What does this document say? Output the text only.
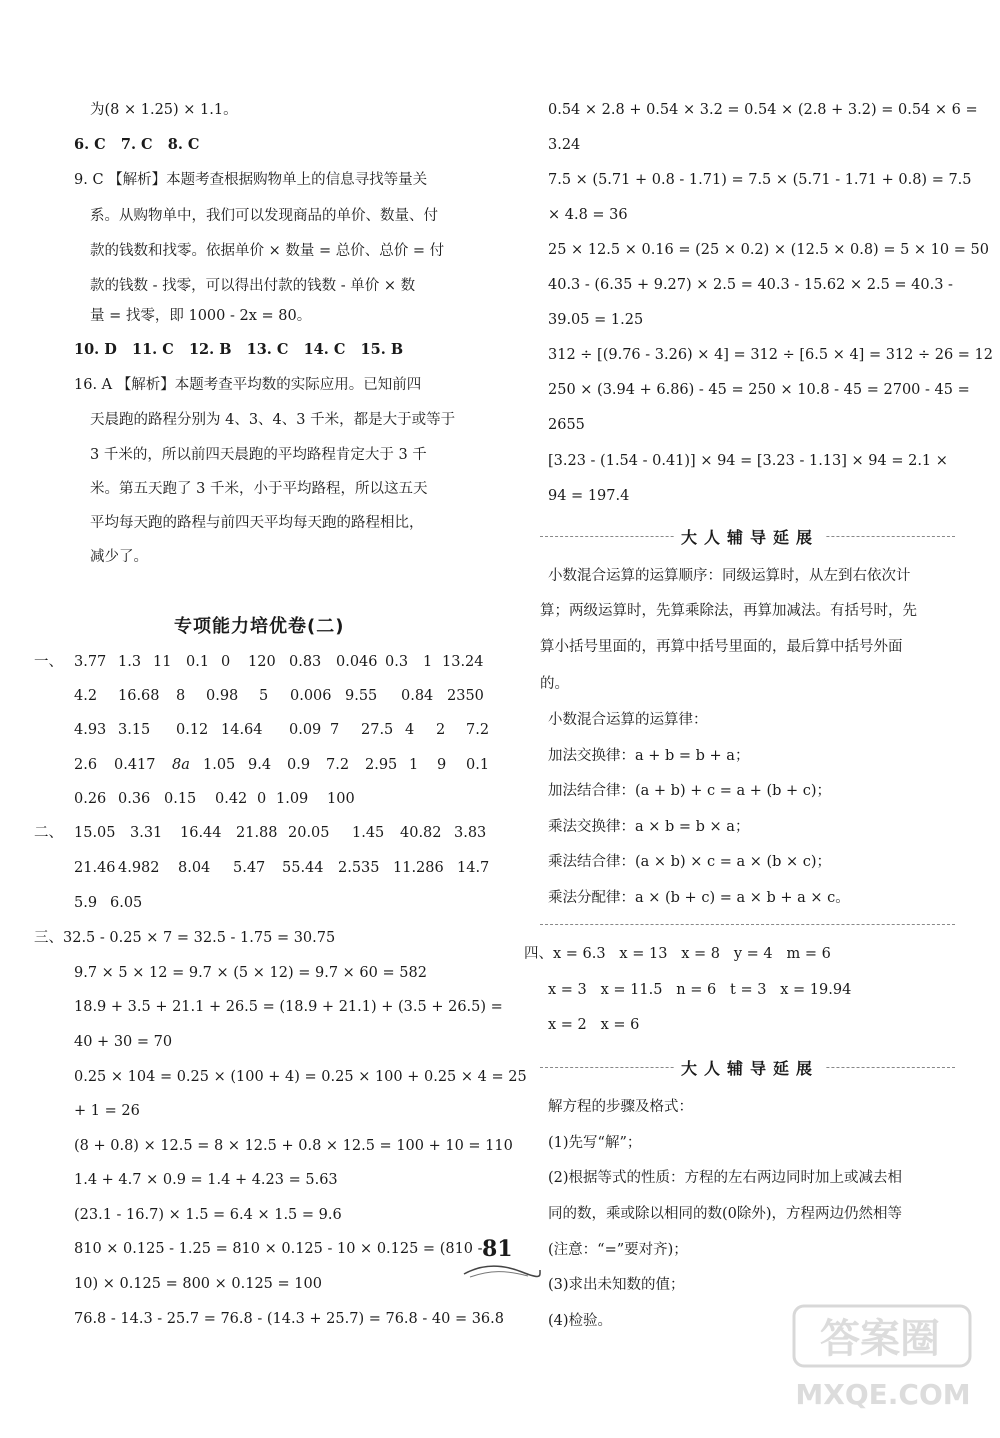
为(8 × 1.25) × 1.1。
6. C   7. C   8. C
9. C 【解析】本题考查根据购物单上的信息寻找等量关
系。从购物单中，我们可以发现商品的单价、数量、付
款的钱数和找零。依据单价 × 数量 = 总价、总价 = 付
款的钱数 - 找零，可以得出付款的钱数 - 单价 × 数
量 = 找零，即 1000 - 2x = 80。
10. D   11. C   12. B   13. C   14. C   15. B
16. A 【解析】本题考查平均数的实际应用。已知前四
天晨跑的路程分别为 4、3、4、3 千米，都是大于或等于
3 千米的，所以前四天晨跑的平均路程肯定大于 3 千
米。第五天跑了 3 千米，小于平均路程，所以这五天
平均每天跑的路程与前四天平均每天跑的路程相比，
减少了。
专项能力培优卷(二)
一、 3.77 1.3 11 0.1 0 120 0.83 0.046 0.3 1 13.24
4.2 16.68 8 0.98 5 0.006 9.55 0.84 2350
4.93 3.15 0.12 14.64 0.09 7 27.5 4 2 7.2
2.6 0.417 8a 1.05 9.4 0.9 7.2 2.95 1 9 0.1
0.26 0.36 0.15 0.42 0 1.09 100
二、 15.05 3.31 16.44 21.88 20.05 1.45 40.82 3.83
21.46 4.982 8.04 5.47 55.44 2.535 11.286 14.7
5.9 6.05
三、32.5 - 0.25 × 7 = 32.5 - 1.75 = 30.75
9.7 × 5 × 12 = 9.7 × (5 × 12) = 9.7 × 60 = 582
18.9 + 3.5 + 21.1 + 26.5 = (18.9 + 21.1) + (3.5 + 26.5) =
40 + 30 = 70
0.25 × 104 = 0.25 × (100 + 4) = 0.25 × 100 + 0.25 × 4 = 25
+ 1 = 26
(8 + 0.8) × 12.5 = 8 × 12.5 + 0.8 × 12.5 = 100 + 10 = 110
1.4 + 4.7 × 0.9 = 1.4 + 4.23 = 5.63
(23.1 - 16.7) × 1.5 = 6.4 × 1.5 = 9.6
810 × 0.125 - 1.25 = 810 × 0.125 - 10 × 0.125 = (810 -
10) × 0.125 = 800 × 0.125 = 100
76.8 - 14.3 - 25.7 = 76.8 - (14.3 + 25.7) = 76.8 - 40 = 36.8
0.54 × 2.8 + 0.54 × 3.2 = 0.54 × (2.8 + 3.2) = 0.54 × 6 =
3.24
7.5 × (5.71 + 0.8 - 1.71) = 7.5 × (5.71 - 1.71 + 0.8) = 7.5
× 4.8 = 36
25 × 12.5 × 0.16 = (25 × 0.2) × (12.5 × 0.8) = 5 × 10 = 50
40.3 - (6.35 + 9.27) × 2.5 = 40.3 - 15.62 × 2.5 = 40.3 -
39.05 = 1.25
312 ÷ [(9.76 - 3.26) × 4] = 312 ÷ [6.5 × 4] = 312 ÷ 26 = 12
250 × (3.94 + 6.86) - 45 = 250 × 10.8 - 45 = 2700 - 45 =
2655
[3.23 - (1.54 - 0.41)] × 94 = [3.23 - 1.13] × 94 = 2.1 ×
94 = 197.4
大人辅导延展
小数混合运算的运算顺序：同级运算时，从左到右依次计
算；两级运算时，先算乘除法，再算加减法。有括号时，先
算小括号里面的，再算中括号里面的，最后算中括号外面
的。
小数混合运算的运算律：
加法交换律：a + b = b + a；
加法结合律：(a + b) + c = a + (b + c)；
乘法交换律：a × b = b × a；
乘法结合律：(a × b) × c = a × (b × c)；
乘法分配律：a × (b + c) = a × b + a × c。
四、x = 6.3   x = 13   x = 8   y = 4   m = 6
x = 3   x = 11.5   n = 6   t = 3   x = 19.94
x = 2   x = 6
大人辅导延展
解方程的步骤及格式：
(1)先写“解”；
(2)根据等式的性质：方程的左右两边同时加上或减去相
同的数，乘或除以相同的数(0除外)，方程两边仍然相等
(注意：“=”要对齐)；
(3)求出未知数的值；
(4)检验。
81
答案圈
MXQE.COM
